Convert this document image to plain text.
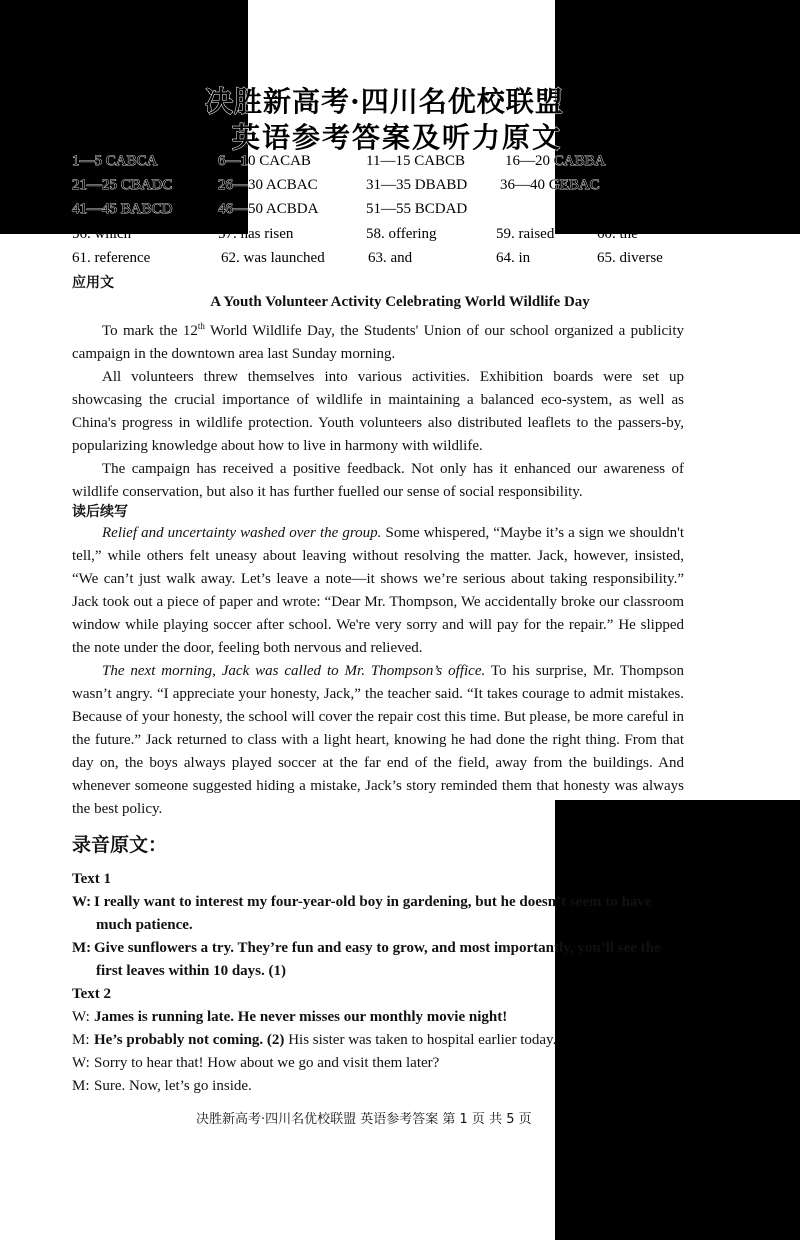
决胜新高考·四川名优校联盟
英语参考答案及听力原文
1—5 CABCA	6—10 CACAB	11—15 CABCB	16—20 CABBA
21—25 CBADC	26—30 ACBAC	31—35 DBABD 36—40 GEBAC
41—45 BABCD	46—50 ACBDA	51—55 BCDAD
56. which	57. has risen	58. offering	59. raised	60. the
61. reference	62. was launched	63. and	64. in	65. diverse
应用文
A Youth Volunteer Activity Celebrating World Wildlife Day

To mark the 12th World Wildlife Day, the Students' Union of our school organized a publicity campaign in the downtown area last Sunday morning.

All volunteers threw themselves into various activities. Exhibition boards were set up showcasing the crucial importance of wildlife in maintaining a balanced eco-system, as well as China's progress in wildlife protection. Youth volunteers also distributed leaflets to the passers-by, popularizing knowledge about how to live in harmony with wildlife.

The campaign has received a positive feedback. Not only has it enhanced our awareness of wildlife conservation, but also it has further fuelled our sense of social responsibility.

读后续写

Relief and uncertainty washed over the group. Some whispered, “Maybe it’s a sign we shouldn't tell,” while others felt uneasy about leaving without resolving the matter. Jack, however, insisted, “We can’t just walk away. Let’s leave a note—it shows we’re serious about taking responsibility.” Jack took out a piece of paper and wrote: “Dear Mr. Thompson, We accidentally broke our classroom window while playing soccer after school. We're very sorry and will pay for the repair.” He slipped the note under the door, feeling both nervous and relieved.

The next morning, Jack was called to Mr. Thompson’s office. To his surprise, Mr. Thompson wasn’t angry. “I appreciate your honesty, Jack,” the teacher said. “It takes courage to admit mistakes. Because of your honesty, the school will cover the repair cost this time. But please, be more careful in the future.” Jack returned to class with a light heart, knowing he had done the right thing. From that day on, the boys always played soccer at the far end of the field, away from the buildings. And whenever someone suggested hiding a mistake, Jack’s story reminded them that honesty was always the best policy.

录音原文：
Text 1
W: I really want to interest my four-year-old boy in gardening, but he doesn’t seem to have
much patience.
M: Give sunflowers a try. They’re fun and easy to grow, and most importantly, you’ll see the
first leaves within 10 days. (1)
Text 2
W: James is running late. He never misses our monthly movie night!
M: He’s probably not coming. (2) His sister was taken to hospital earlier today.
W: Sorry to hear that! How about we go and visit them later?
M: Sure. Now, let’s go inside.
决胜新高考·四川名优校联盟 英语参考答案 第 1 页 共 5 页
